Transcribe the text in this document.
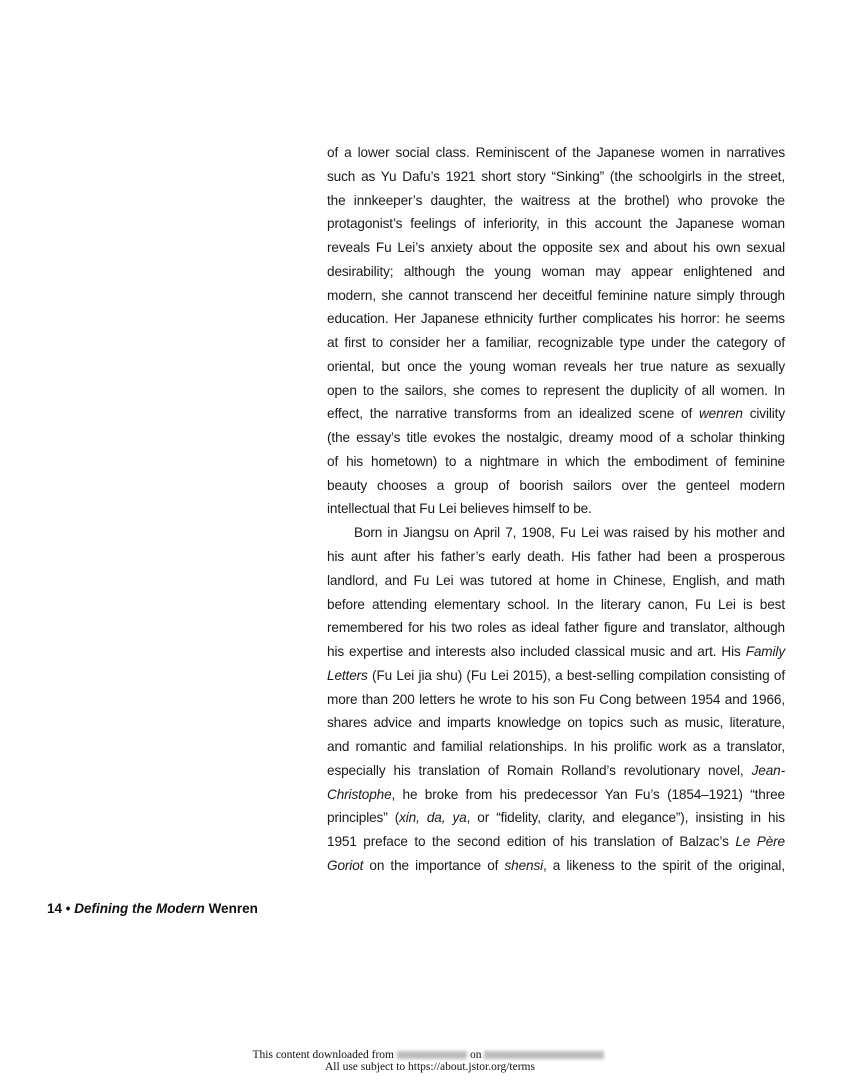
of a lower social class. Reminiscent of the Japanese women in narratives
such as Yu Dafu’s 1921 short story “Sinking” (the schoolgirls in the street,
the innkeeper’s daughter, the waitress at the brothel) who provoke the
protagonist’s feelings of inferiority, in this account the Japanese woman
reveals Fu Lei’s anxiety about the opposite sex and about his own sexual
desirability; although the young woman may appear enlightened and
modern, she cannot transcend her deceitful feminine nature simply through
education. Her Japanese ethnicity further complicates his horror: he seems
at first to consider her a familiar, recognizable type under the category of
oriental, but once the young woman reveals her true nature as sexually
open to the sailors, she comes to represent the duplicity of all women. In
effect, the narrative transforms from an idealized scene of wenren civility
(the essay’s title evokes the nostalgic, dreamy mood of a scholar thinking
of his hometown) to a nightmare in which the embodiment of feminine
beauty chooses a group of boorish sailors over the genteel modern
intellectual that Fu Lei believes himself to be.
Born in Jiangsu on April 7, 1908, Fu Lei was raised by his mother and
his aunt after his father’s early death. His father had been a prosperous
landlord, and Fu Lei was tutored at home in Chinese, English, and math
before attending elementary school. In the literary canon, Fu Lei is best
remembered for his two roles as ideal father figure and translator, although
his expertise and interests also included classical music and art. His Family
Letters (Fu Lei jia shu) (Fu Lei 2015), a best-selling compilation consisting of
more than 200 letters he wrote to his son Fu Cong between 1954 and 1966,
shares advice and imparts knowledge on topics such as music, literature,
and romantic and familial relationships. In his prolific work as a translator,
especially his translation of Romain Rolland’s revolutionary novel, Jean-
Christophe, he broke from his predecessor Yan Fu’s (1854–1921) “three
principles” (xin, da, ya, or “fidelity, clarity, and elegance”), insisting in his
1951 preface to the second edition of his translation of Balzac’s Le Père
Goriot on the importance of shensi, a likeness to the spirit of the original,
14 • Defining the Modern Wenren
This content downloaded from	on
All use subject to https://about.jstor.org/terms
